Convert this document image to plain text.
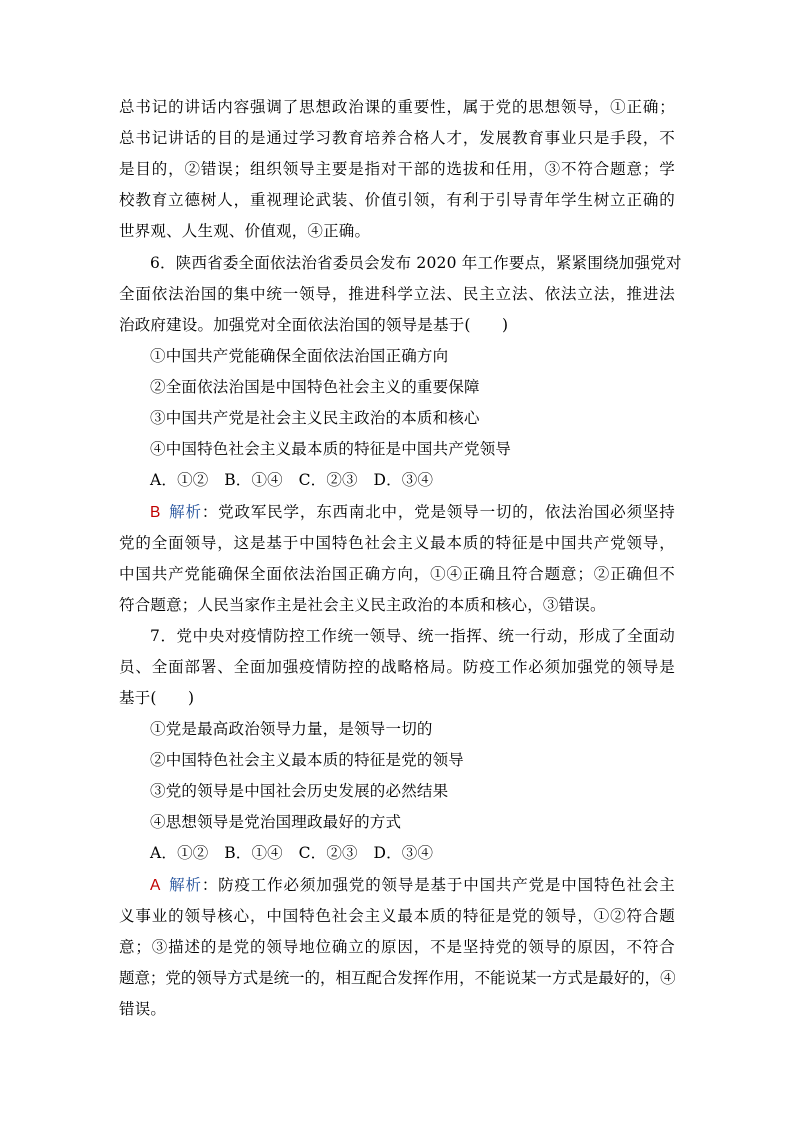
总书记的讲话内容强调了思想政治课的重要性，属于党的思想领导，①正确；
总书记讲话的目的是通过学习教育培养合格人才，发展教育事业只是手段，不
是目的，②错误；组织领导主要是指对干部的选拔和任用，③不符合题意；学
校教育立德树人，重视理论武装、价值引领，有利于引导青年学生树立正确的
世界观、人生观、价值观，④正确。
6．陕西省委全面依法治省委员会发布 2020 年工作要点，紧紧围绕加强党对
全面依法治国的集中统一领导，推进科学立法、民主立法、依法立法，推进法
治政府建设。加强党对全面依法治国的领导是基于(　　)
①中国共产党能确保全面依法治国正确方向
②全面依法治国是中国特色社会主义的重要保障
③中国共产党是社会主义民主政治的本质和核心
④中国特色社会主义最本质的特征是中国共产党领导
A．①②　B．①④　C．②③　D．③④
B  解析：党政军民学，东西南北中，党是领导一切的，依法治国必须坚持
党的全面领导，这是基于中国特色社会主义最本质的特征是中国共产党领导，
中国共产党能确保全面依法治国正确方向，①④正确且符合题意；②正确但不
符合题意；人民当家作主是社会主义民主政治的本质和核心，③错误。
7．党中央对疫情防控工作统一领导、统一指挥、统一行动，形成了全面动
员、全面部署、全面加强疫情防控的战略格局。防疫工作必须加强党的领导是
基于(　　)
①党是最高政治领导力量，是领导一切的
②中国特色社会主义最本质的特征是党的领导
③党的领导是中国社会历史发展的必然结果
④思想领导是党治国理政最好的方式
A．①②　B．①④　C．②③　D．③④
A  解析：防疫工作必须加强党的领导是基于中国共产党是中国特色社会主
义事业的领导核心，中国特色社会主义最本质的特征是党的领导，①②符合题
意；③描述的是党的领导地位确立的原因，不是坚持党的领导的原因，不符合
题意；党的领导方式是统一的，相互配合发挥作用，不能说某一方式是最好的，④
错误。
